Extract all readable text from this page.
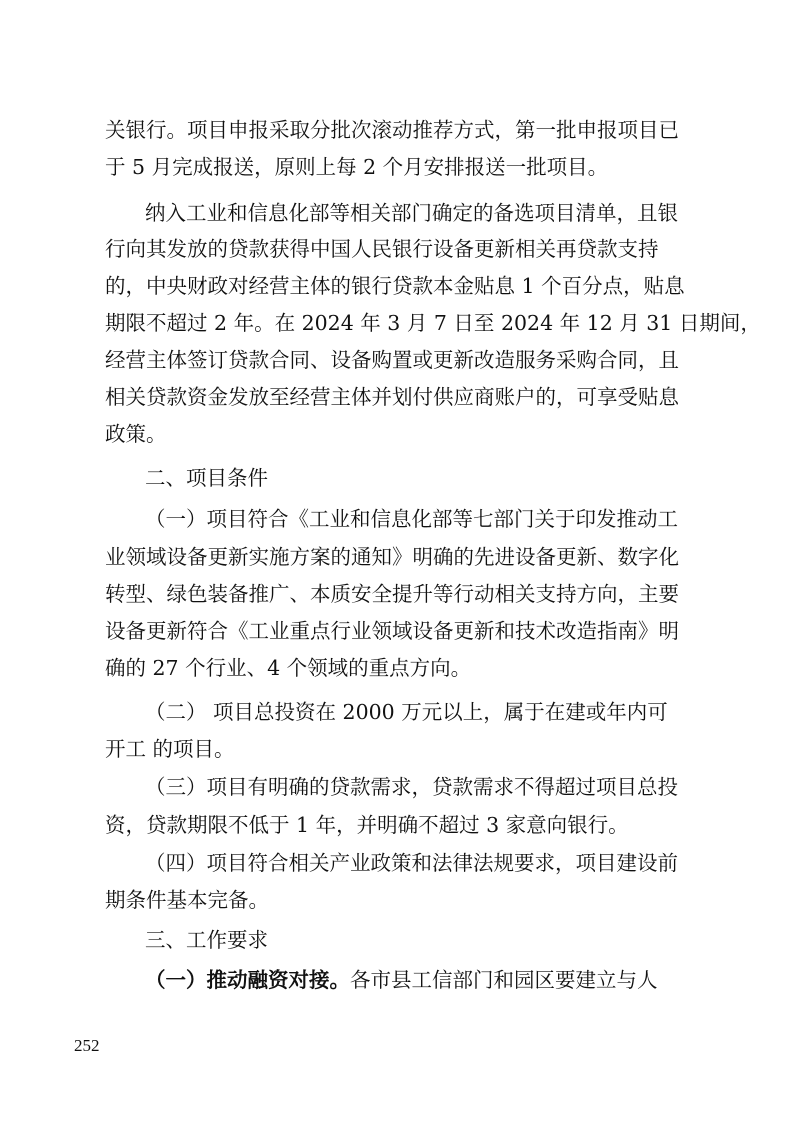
关银行。项目申报采取分批次滚动推荐方式，第一批申报项目已
于 5 月完成报送，原则上每 2 个月安排报送一批项目。
纳入工业和信息化部等相关部门确定的备选项目清单，且银
行向其发放的贷款获得中国人民银行设备更新相关再贷款支持
的，中央财政对经营主体的银行贷款本金贴息 1 个百分点，贴息
期限不超过 2 年。在 2024 年 3 月 7 日至 2024 年 12 月 31 日期间，
经营主体签订贷款合同、设备购置或更新改造服务采购合同，且
相关贷款资金发放至经营主体并划付供应商账户的，可享受贴息
政策。
二、项目条件
（一）项目符合《工业和信息化部等七部门关于印发推动工
业领域设备更新实施方案的通知》明确的先进设备更新、数字化
转型、绿色装备推广、本质安全提升等行动相关支持方向，主要
设备更新符合《工业重点行业领域设备更新和技术改造指南》明
确的 27 个行业、4 个领域的重点方向。
（二） 项目总投资在 2000 万元以上，属于在建或年内可
开工 的项目。
（三）项目有明确的贷款需求，贷款需求不得超过项目总投
资，贷款期限不低于 1 年，并明确不超过 3 家意向银行。
（四）项目符合相关产业政策和法律法规要求，项目建设前
期条件基本完备。
三、工作要求
（一）推动融资对接。各市县工信部门和园区要建立与人
252
